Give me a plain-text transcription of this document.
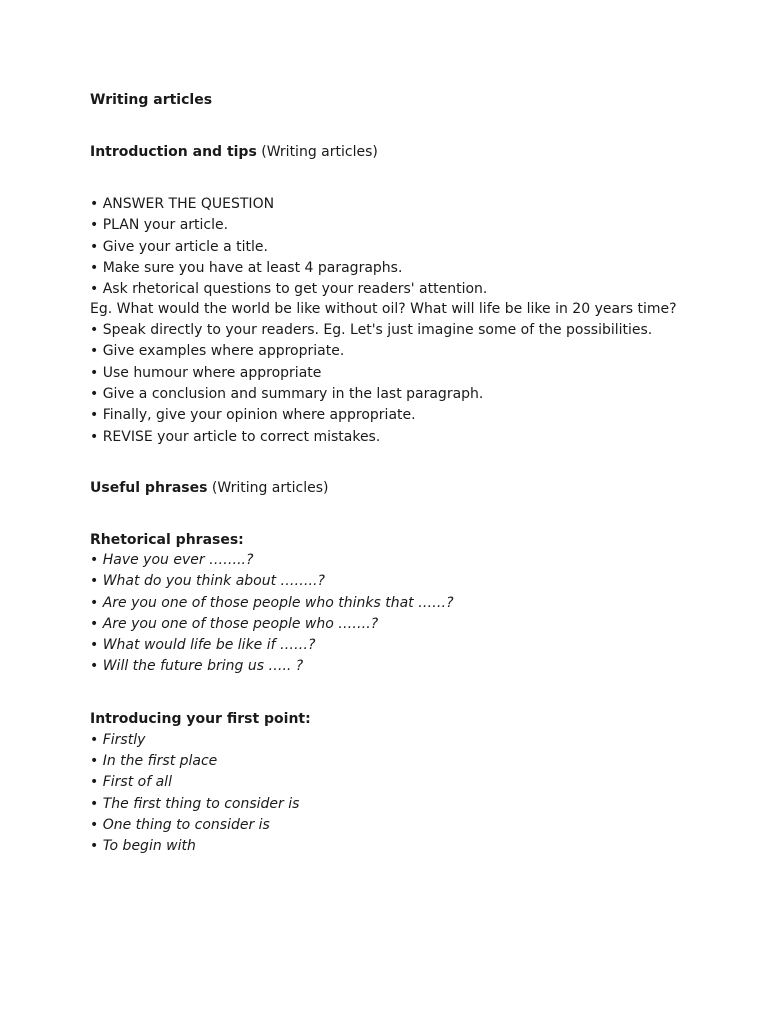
Writing articles
Introduction and tips (Writing articles)
• ANSWER THE QUESTION
• PLAN your article.
• Give your article a title.
• Make sure you have at least 4 paragraphs.
• Ask rhetorical questions to get your readers' attention.
Eg. What would the world be like without oil? What will life be like in 20 years time?
• Speak directly to your readers. Eg. Let's just imagine some of the possibilities.
• Give examples where appropriate.
• Use humour where appropriate
• Give a conclusion and summary in the last paragraph.
• Finally, give your opinion where appropriate.
• REVISE your article to correct mistakes.
Useful phrases (Writing articles)
Rhetorical phrases:
• Have you ever ……..?
• What do you think about ……..?
• Are you one of those people who thinks that ……?
• Are you one of those people who …….?
• What would life be like if ……?
• Will the future bring us ….. ?
Introducing your first point:
• Firstly
• In the first place
• First of all
• The first thing to consider is
• One thing to consider is
• To begin with
